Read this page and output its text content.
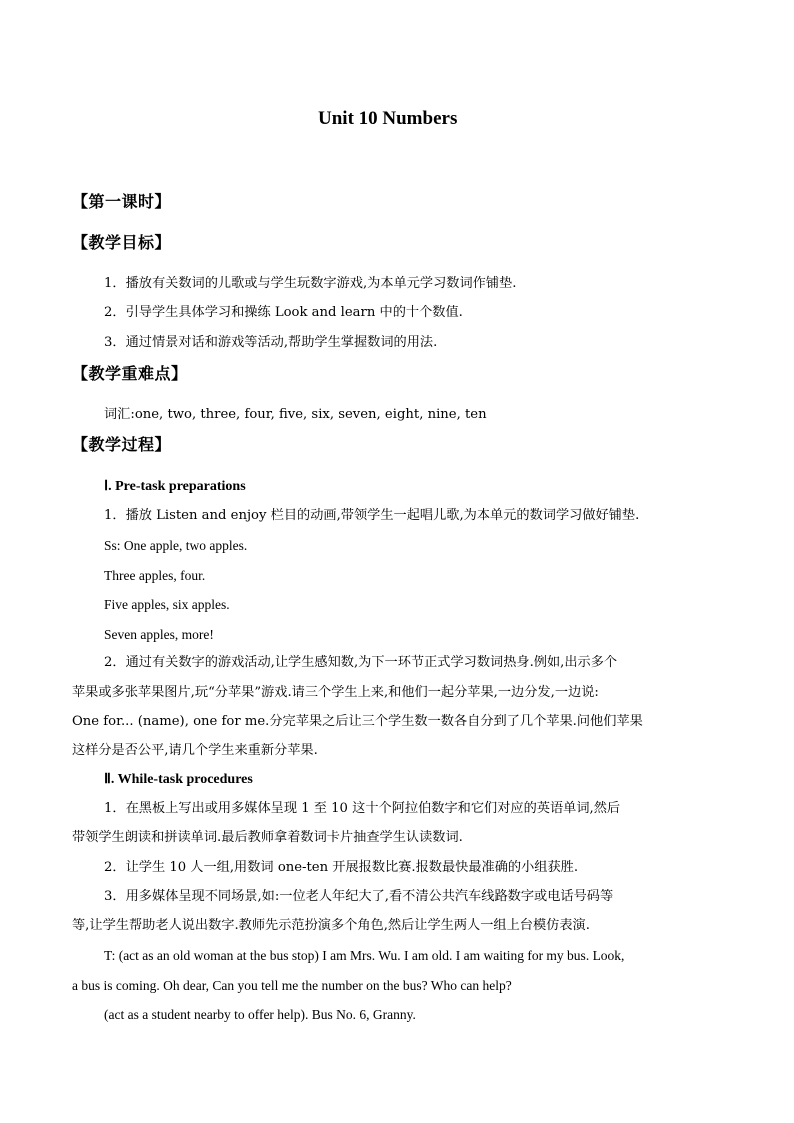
Unit 10 Numbers
【第一课时】
【教学目标】
1．播放有关数词的儿歌或与学生玩数字游戏,为本单元学习数词作铺垫.
2．引导学生具体学习和操练 Look and learn 中的十个数值.
3．通过情景对话和游戏等活动,帮助学生掌握数词的用法.
【教学重难点】
词汇:one, two, three, four, five, six, seven, eight, nine, ten
【教学过程】
Ⅰ. Pre-task preparations
1．播放 Listen and enjoy 栏目的动画,带领学生一起唱儿歌,为本单元的数词学习做好铺垫.
Ss: One apple, two apples.
Three apples, four.
Five apples, six apples.
Seven apples, more!
2．通过有关数字的游戏活动,让学生感知数,为下一环节正式学习数词热身.例如,出示多个
苹果或多张苹果图片,玩“分苹果”游戏.请三个学生上来,和他们一起分苹果,一边分发,一边说:
One for... (name), one for me.分完苹果之后让三个学生数一数各自分到了几个苹果.问他们苹果
这样分是否公平,请几个学生来重新分苹果.
Ⅱ. While-task procedures
1．在黑板上写出或用多媒体呈现 1 至 10 这十个阿拉伯数字和它们对应的英语单词,然后
带领学生朗读和拼读单词.最后教师拿着数词卡片抽查学生认读数词.
2．让学生 10 人一组,用数词 one-ten 开展报数比赛.报数最快最准确的小组获胜.
3．用多媒体呈现不同场景,如:一位老人年纪大了,看不清公共汽车线路数字或电话号码等
等,让学生帮助老人说出数字.教师先示范扮演多个角色,然后让学生两人一组上台模仿表演.
T: (act as an old woman at the bus stop) I am Mrs. Wu. I am old. I am waiting for my bus. Look,
a bus is coming. Oh dear, Can you tell me the number on the bus? Who can help?
(act as a student nearby to offer help). Bus No. 6, Granny.
